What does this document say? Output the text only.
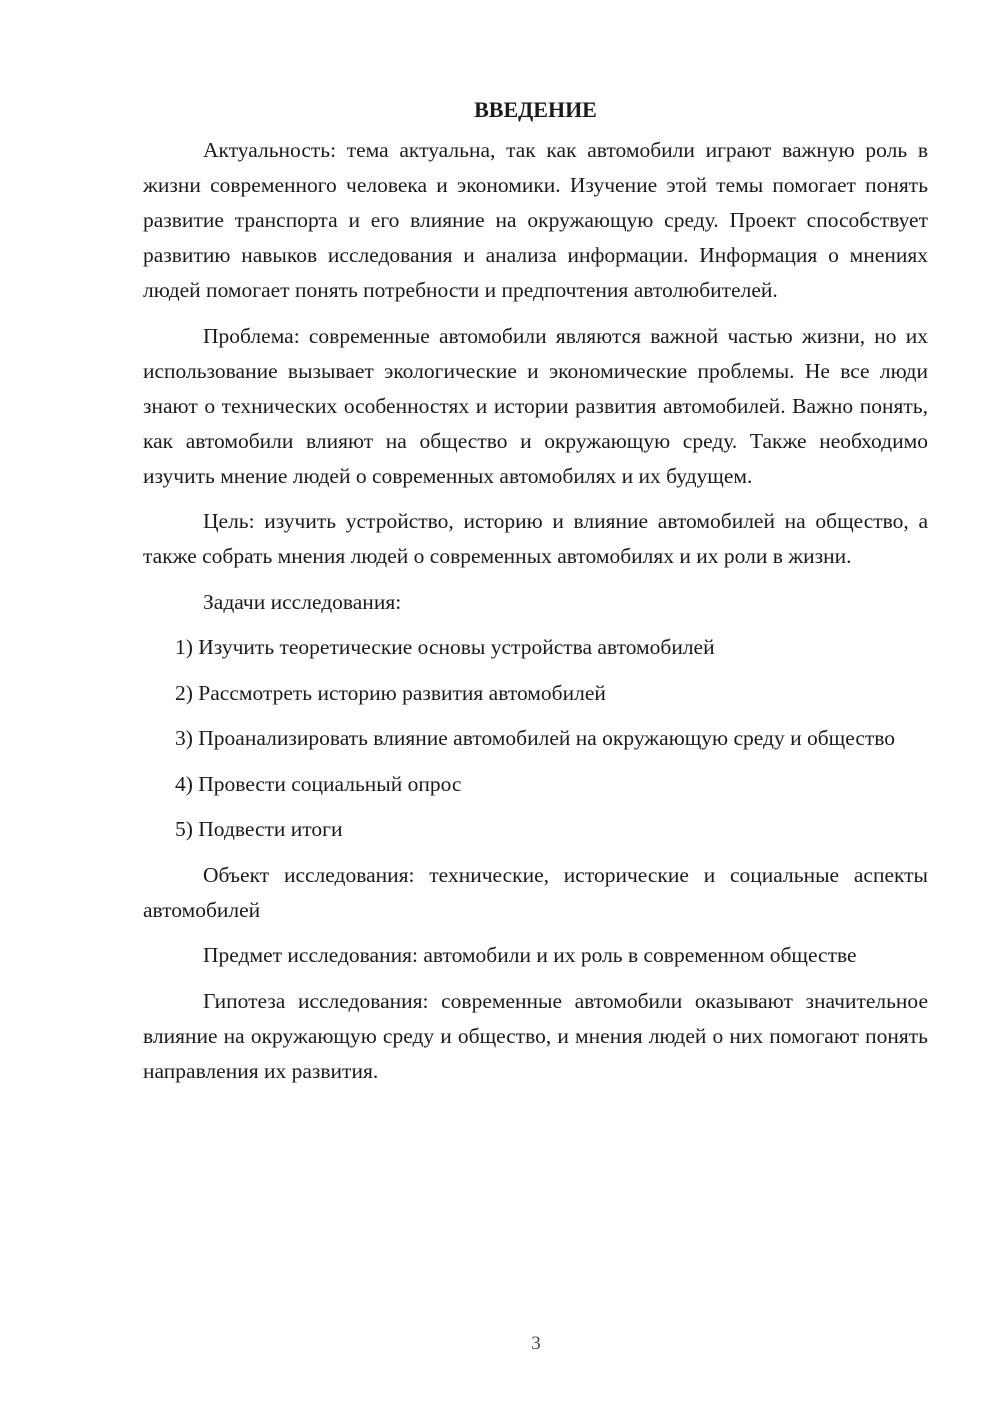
ВВЕДЕНИЕ

Актуальность: тема актуальна, так как автомобили играют важную роль в жизни современного человека и экономики. Изучение этой темы помогает понять развитие транспорта и его влияние на окружающую среду. Проект способствует развитию навыков исследования и анализа информации. Информация о мнениях людей помогает понять потребности и предпочтения автолюбителей.

Проблема: современные автомобили являются важной частью жизни, но их использование вызывает экологические и экономические проблемы. Не все люди знают о технических особенностях и истории развития автомобилей. Важно понять, как автомобили влияют на общество и окружающую среду. Также необходимо изучить мнение людей о современных автомобилях и их будущем.

Цель: изучить устройство, историю и влияние автомобилей на общество, а также собрать мнения людей о современных автомобилях и их роли в жизни.

Задачи исследования:

1) Изучить теоретические основы устройства автомобилей

2) Рассмотреть историю развития автомобилей

3) Проанализировать влияние автомобилей на окружающую среду и общество

4) Провести социальный опрос

5) Подвести итоги

Объект исследования: технические, исторические и социальные аспекты автомобилей

Предмет исследования: автомобили и их роль в современном обществе

Гипотеза исследования: современные автомобили оказывают значительное влияние на окружающую среду и общество, и мнения людей о них помогают понять направления их развития.

3
